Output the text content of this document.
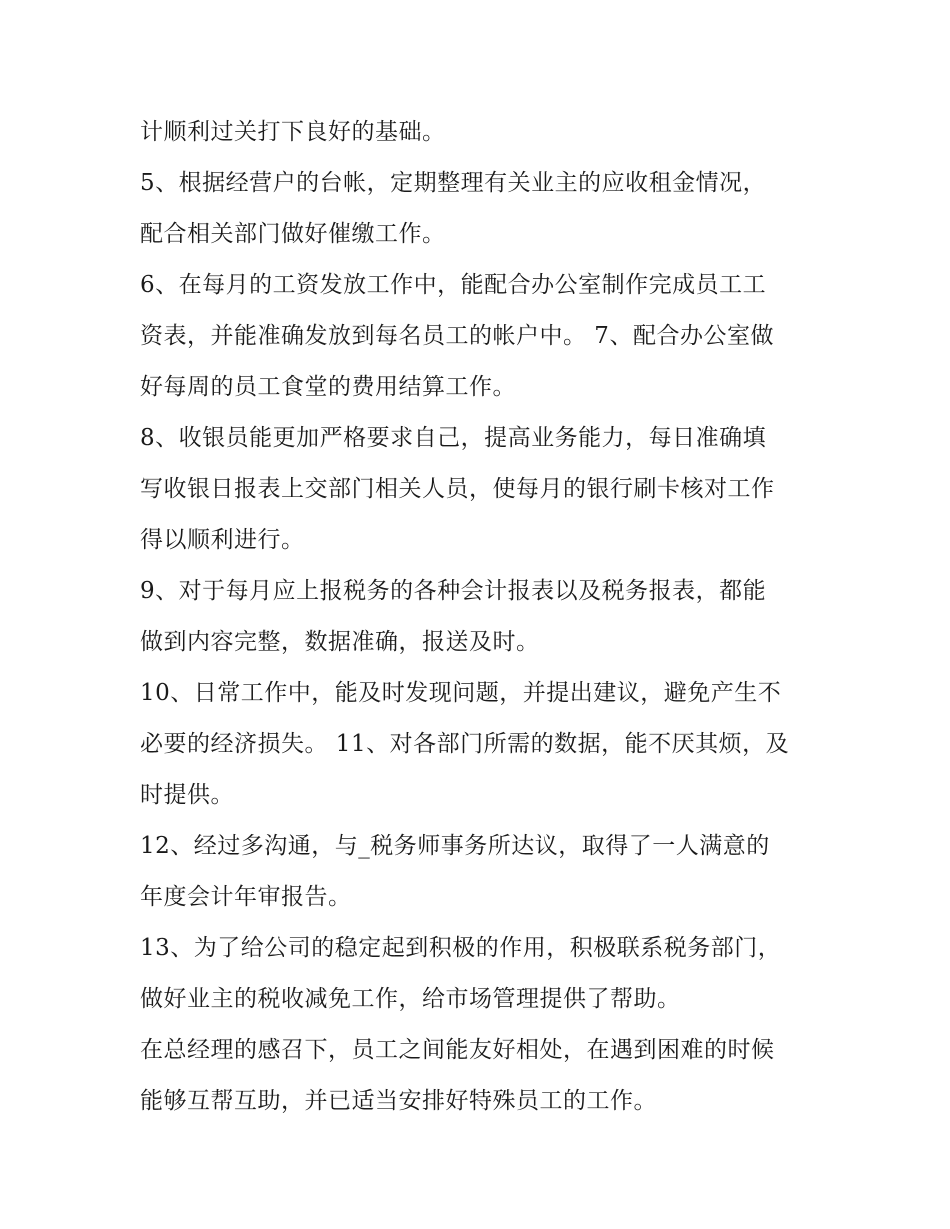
计顺利过关打下良好的基础。
5、根据经营户的台帐，定期整理有关业主的应收租金情况，
配合相关部门做好催缴工作。
6、在每月的工资发放工作中，能配合办公室制作完成员工工
资表，并能准确发放到每名员工的帐户中。 7、配合办公室做
好每周的员工食堂的费用结算工作。
8、收银员能更加严格要求自己，提高业务能力，每日准确填
写收银日报表上交部门相关人员，使每月的银行刷卡核对工作
得以顺利进行。
9、对于每月应上报税务的各种会计报表以及税务报表，都能
做到内容完整，数据准确，报送及时。
10、日常工作中，能及时发现问题，并提出建议，避免产生不
必要的经济损失。 11、对各部门所需的数据，能不厌其烦，及
时提供。
12、经过多沟通，与_税务师事务所达议，取得了一人满意的
年度会计年审报告。
13、为了给公司的稳定起到积极的作用，积极联系税务部门，
做好业主的税收减免工作，给市场管理提供了帮助。
在总经理的感召下，员工之间能友好相处，在遇到困难的时候
能够互帮互助，并已适当安排好特殊员工的工作。
